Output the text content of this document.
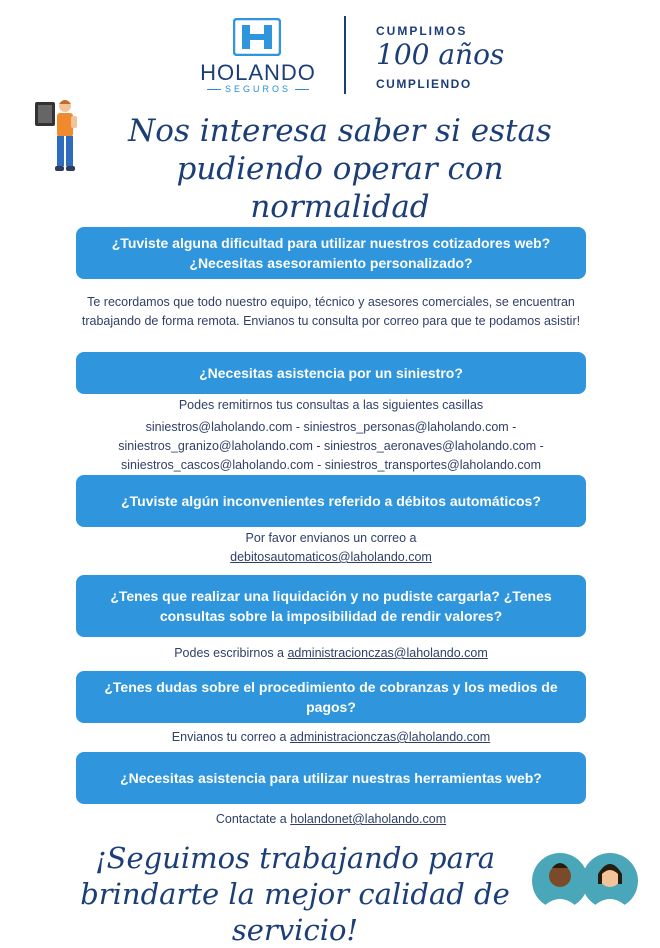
HOLANDO
SEGUROS
CUMPLIMOS
100 años
CUMPLIENDO
Nos interesa saber si estas pudiendo operar con normalidad
¿Tuviste alguna dificultad para utilizar nuestros cotizadores web? ¿Necesitas asesoramiento personalizado?
Te recordamos que todo nuestro equipo, técnico y asesores comerciales, se encuentran trabajando de forma remota. Envianos tu consulta por correo para que te podamos asistir!
¿Necesitas asistencia por un siniestro?
Podes remitirnos tus consultas a las siguientes casillas
siniestros@laholando.com - siniestros_personas@laholando.com - siniestros_granizo@laholando.com - siniestros_aeronaves@laholando.com - siniestros_cascos@laholando.com - siniestros_transportes@laholando.com
¿Tuviste algún inconvenientes referido a débitos automáticos?
Por favor envianos un correo a
debitosautomaticos@laholando.com
¿Tenes que realizar una liquidación y no pudiste cargarla? ¿Tenes consultas sobre la imposibilidad de rendir valores?
Podes escribirnos a administracionczas@laholando.com
¿Tenes dudas sobre el procedimiento de cobranzas y los medios de pagos?
Envianos tu correo a administracionczas@laholando.com
¿Necesitas asistencia para utilizar nuestras herramientas web?
Contactate a holandonet@laholando.com
¡Seguimos trabajando para brindarte la mejor calidad de servicio!
